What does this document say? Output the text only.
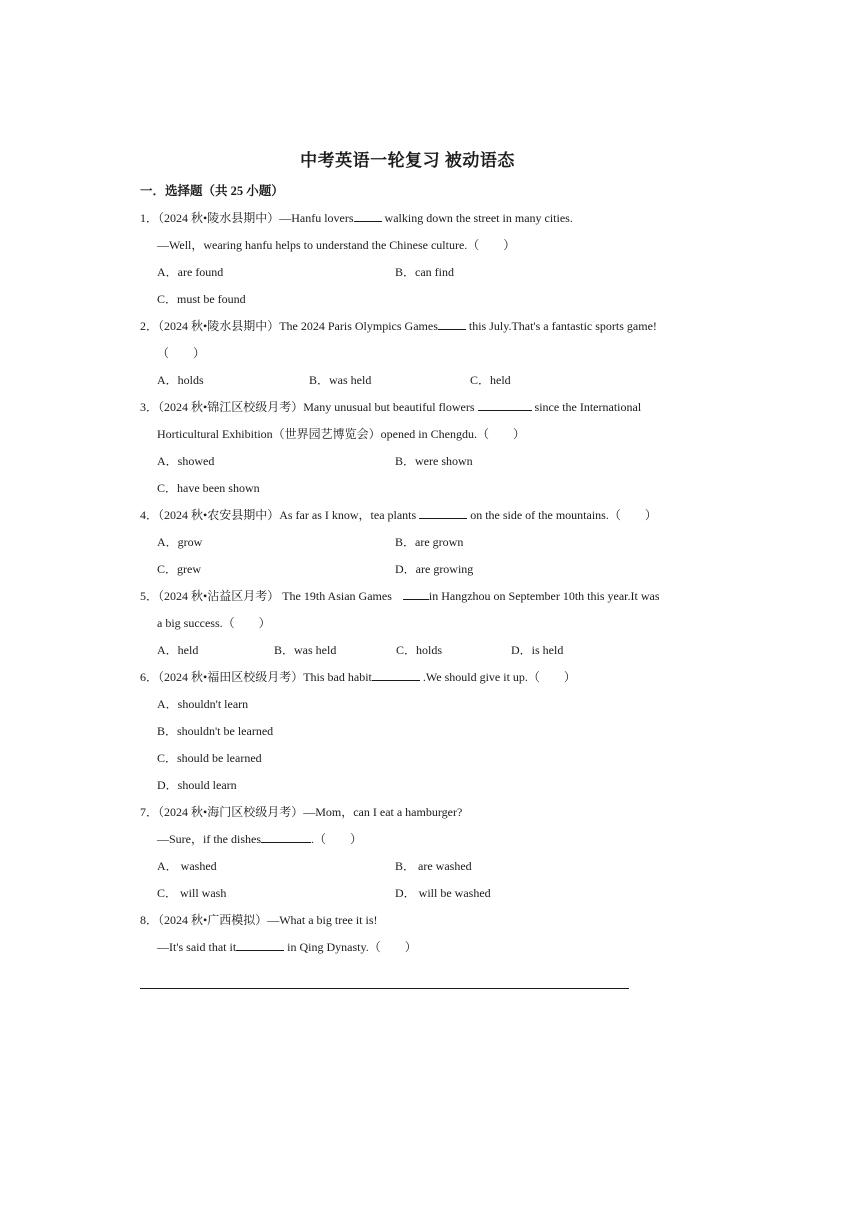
中考英语一轮复习 被动语态
一．选择题（共 25 小题）
1．（2024 秋•陵水县期中）—Hanfu lovers walking down the street in many cities.
—Well，wearing hanfu helps to understand the Chinese culture.（　　）
A．are found	B．can find
C．must be found
2．（2024 秋•陵水县期中）The 2024 Paris Olympics Games this July.That's a fantastic sports game!
（　　）
A．holds	B．was held	C．held
3．（2024 秋•锦江区校级月考）Many unusual but beautiful flowers	since the International
Horticultural Exhibition（世界园艺博览会）opened in Chengdu.（　　）
A．showed	B．were shown
C．have been shown
4．（2024 秋•农安县期中）As far as I know，tea plants	on the side of the mountains.（　　）
A．grow	B．are grown
C．grew	D．are growing
5．（2024 秋•沾益区月考） The 19th Asian Games	in Hangzhou on September 10th this year.It was
a big success.（　　）
A．held	B．was held	C．holds	D．is held
6．（2024 秋•福田区校级月考）This bad habit	.We should give it up.（　　）
A．shouldn't learn
B．shouldn't be learned
C．should be learned
D．should learn
7．（2024 秋•海门区校级月考）—Mom，can I eat a hamburger?
—Sure，if the dishes	.（　　）
A． washed	B． are washed
C． will wash	D． will be washed
8．（2024 秋•广西模拟）—What a big tree it is!
—It's said that it	in Qing Dynasty.（　　）
